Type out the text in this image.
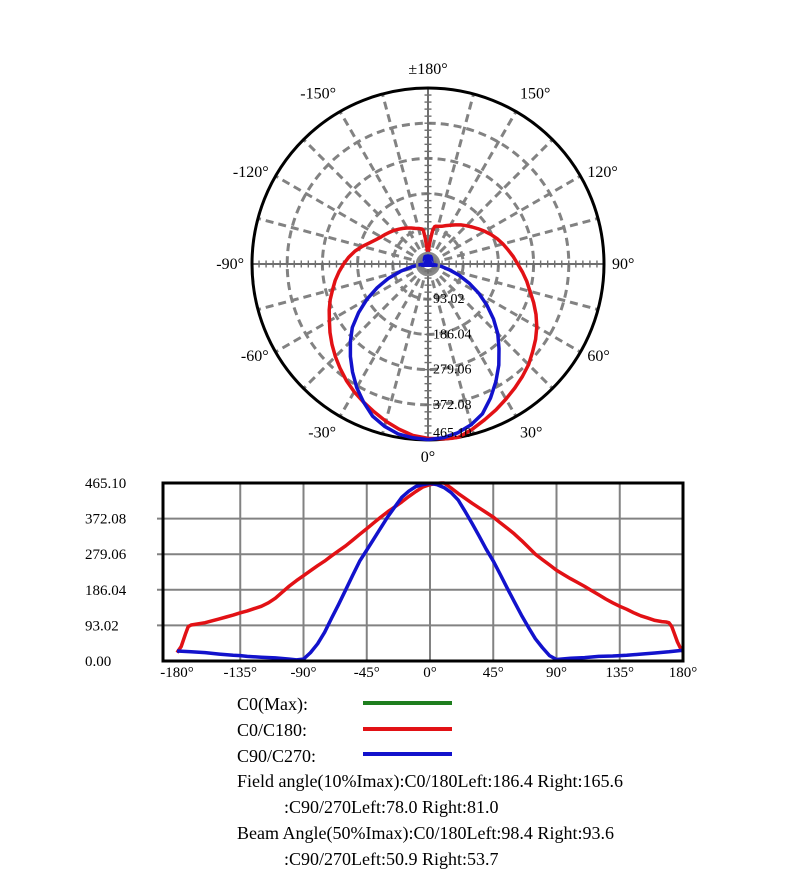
93.02
186.04
279.06
372.08
465.10
0°
30°
60°
90°
120°
150°
±180°
-150°
-120°
-90°
-60°
-30°
0.00
93.02
186.04
279.06
372.08
465.10
-180° -135° -90° -45°	0°	45°	90°	135° 180°
C0(Max):
C0/C180:
C90/C270:
Field angle(10%Imax):C0/180Left:186.4 Right:165.6
:C90/270Left:78.0 Right:81.0
Beam Angle(50%Imax):C0/180Left:98.4 Right:93.6
:C90/270Left:50.9 Right:53.7
